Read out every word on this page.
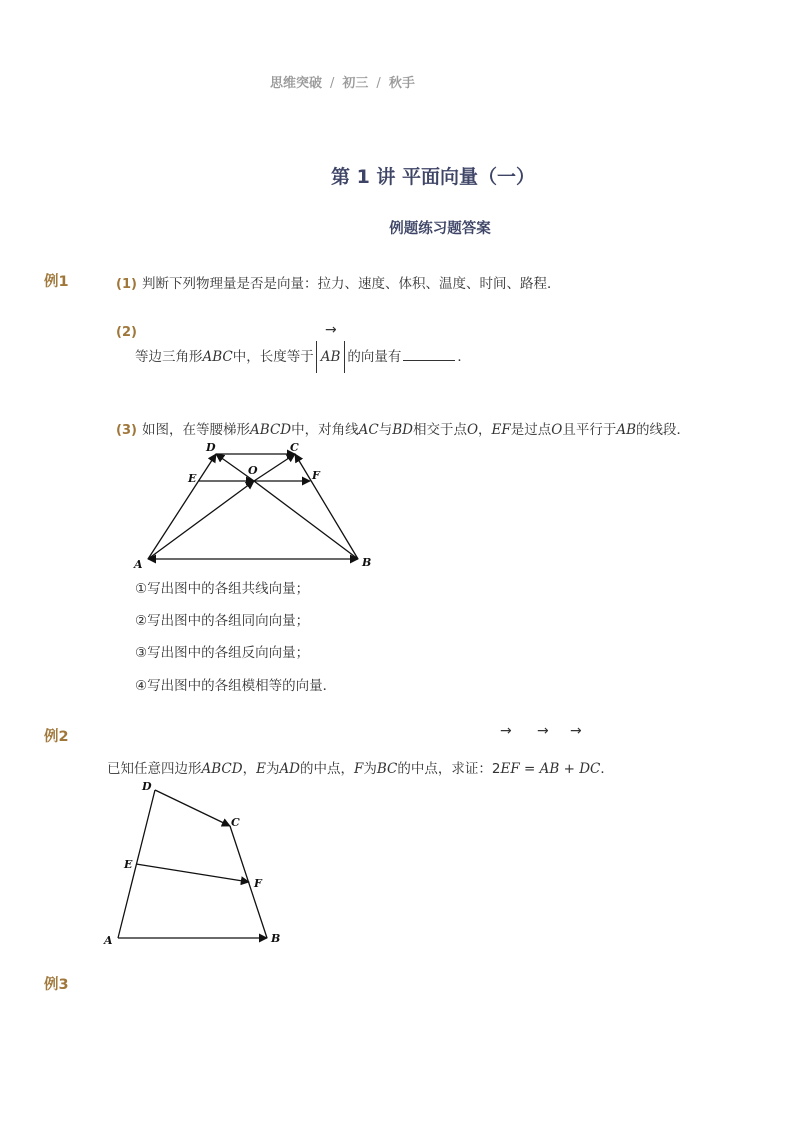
思维突破 / 初三 / 秋手
第 1 讲 平面向量（一）
例题练习题答案
例1	(1) 判断下列物理量是否是向量：拉力、速度、体积、温度、时间、路程．
(2)	→
等边三角形ABC中，长度等于 AB 的向量有	．
(3) 如图，在等腰梯形ABCD中，对角线AC与BD相交于点O，EF是过点O且平行于AB的线段．
A	B
C
D
E	F
O
①写出图中的各组共线向量；
②写出图中的各组同向向量；
③写出图中的各组反向向量；
④写出图中的各组模相等的向量．
例2	→ → →
已知任意四边形ABCD，E为AD的中点，F为BC的中点，求证：2EF = AB + DC．
A	B
C
D
E
F
例3
